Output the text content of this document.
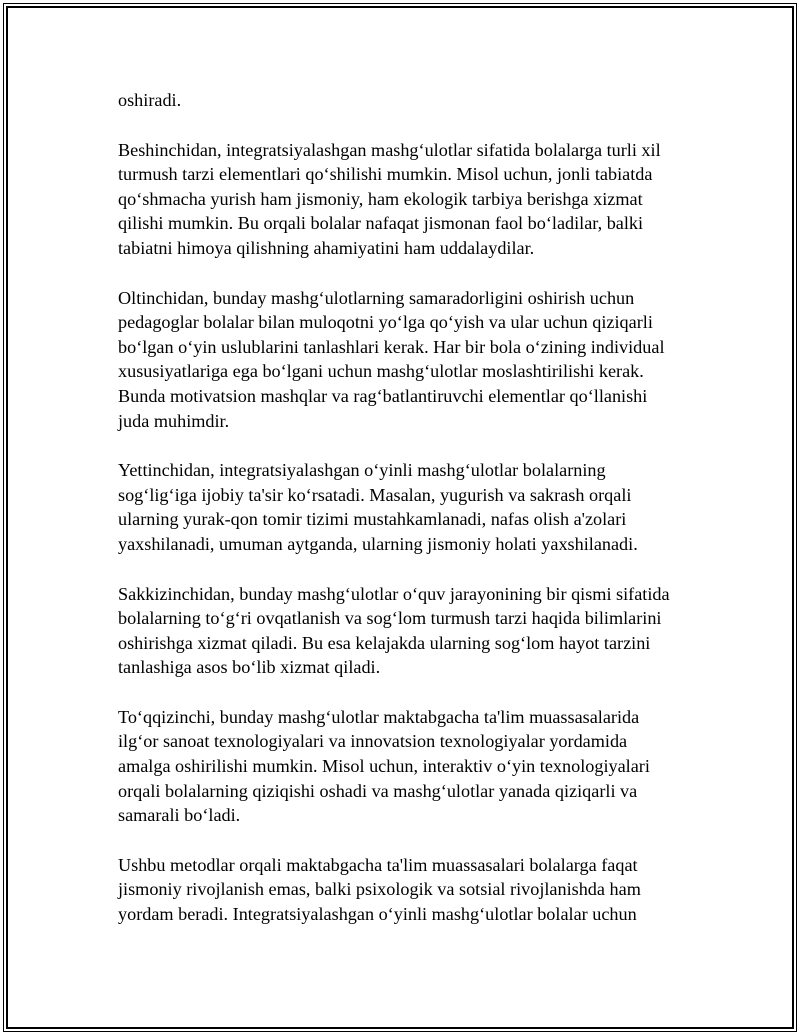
oshiradi.

Beshinchidan, integratsiyalashgan mashg‘ulotlar sifatida bolalarga turli xil
turmush tarzi elementlari qo‘shilishi mumkin. Misol uchun, jonli tabiatda
qo‘shmacha yurish ham jismoniy, ham ekologik tarbiya berishga xizmat
qilishi mumkin. Bu orqali bolalar nafaqat jismonan faol bo‘ladilar, balki
tabiatni himoya qilishning ahamiyatini ham uddalaydilar.

Oltinchidan, bunday mashg‘ulotlarning samaradorligini oshirish uchun
pedagoglar bolalar bilan muloqotni yo‘lga qo‘yish va ular uchun qiziqarli
bo‘lgan o‘yin uslublarini tanlashlari kerak. Har bir bola o‘zining individual
xususiyatlariga ega bo‘lgani uchun mashg‘ulotlar moslashtirilishi kerak.
Bunda motivatsion mashqlar va rag‘batlantiruvchi elementlar qo‘llanishi
juda muhimdir.

Yettinchidan, integratsiyalashgan o‘yinli mashg‘ulotlar bolalarning
sog‘lig‘iga ijobiy ta'sir ko‘rsatadi. Masalan, yugurish va sakrash orqali
ularning yurak-qon tomir tizimi mustahkamlanadi, nafas olish a'zolari
yaxshilanadi, umuman aytganda, ularning jismoniy holati yaxshilanadi.

Sakkizinchidan, bunday mashg‘ulotlar o‘quv jarayonining bir qismi sifatida
bolalarning to‘g‘ri ovqatlanish va sog‘lom turmush tarzi haqida bilimlarini
oshirishga xizmat qiladi. Bu esa kelajakda ularning sog‘lom hayot tarzini
tanlashiga asos bo‘lib xizmat qiladi.

To‘qqizinchi, bunday mashg‘ulotlar maktabgacha ta'lim muassasalarida
ilg‘or sanoat texnologiyalari va innovatsion texnologiyalar yordamida
amalga oshirilishi mumkin. Misol uchun, interaktiv o‘yin texnologiyalari
orqali bolalarning qiziqishi oshadi va mashg‘ulotlar yanada qiziqarli va
samarali bo‘ladi.

Ushbu metodlar orqali maktabgacha ta'lim muassasalari bolalarga faqat
jismoniy rivojlanish emas, balki psixologik va sotsial rivojlanishda ham
yordam beradi. Integratsiyalashgan o‘yinli mashg‘ulotlar bolalar uchun
